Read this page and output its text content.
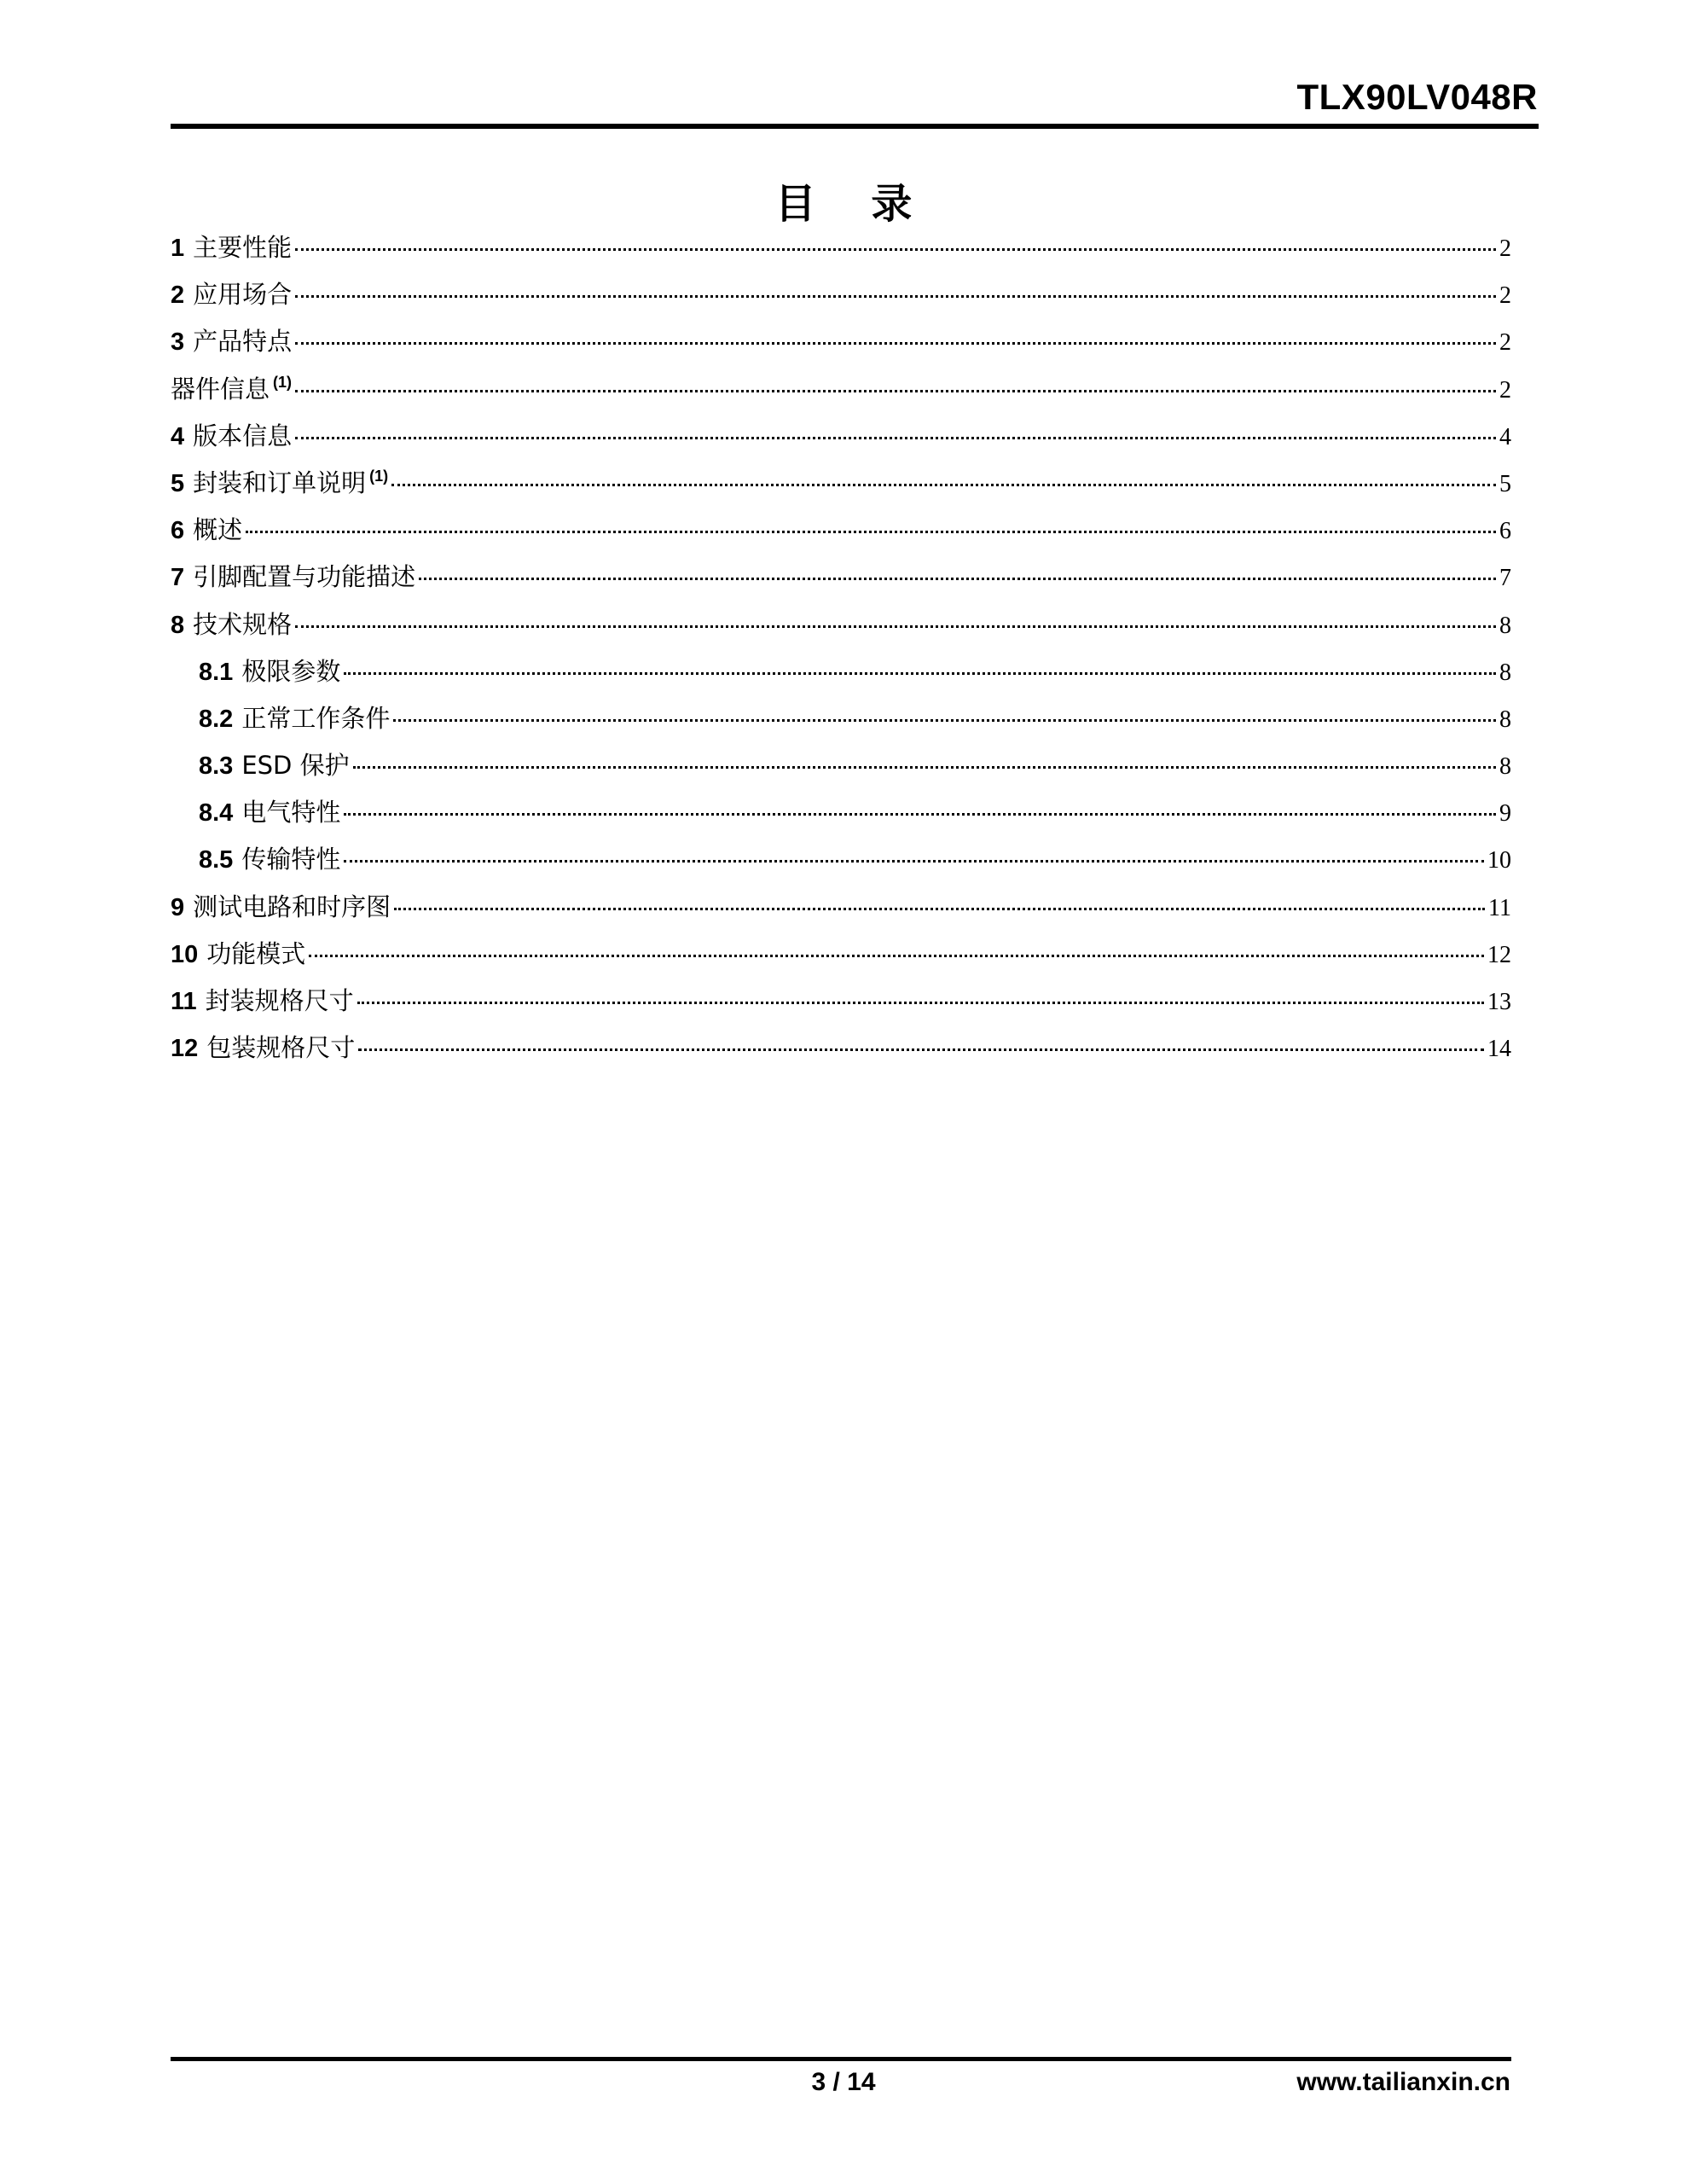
TLX90LV048R
目 录
1 主要性能	2
2 应用场合	2
3 产品特点	2
器件信息 (1)	2
4 版本信息	4
5 封装和订单说明 (1)	5
6 概述	6
7 引脚配置与功能描述	7
8 技术规格	8
8.1 极限参数	8
8.2 正常工作条件	8
8.3 ESD 保护	8
8.4 电气特性	9
8.5 传输特性	10
9 测试电路和时序图	11
10 功能模式	12
11 封装规格尺寸	13
12 包装规格尺寸	14
3 / 14	www.tailianxin.cn
